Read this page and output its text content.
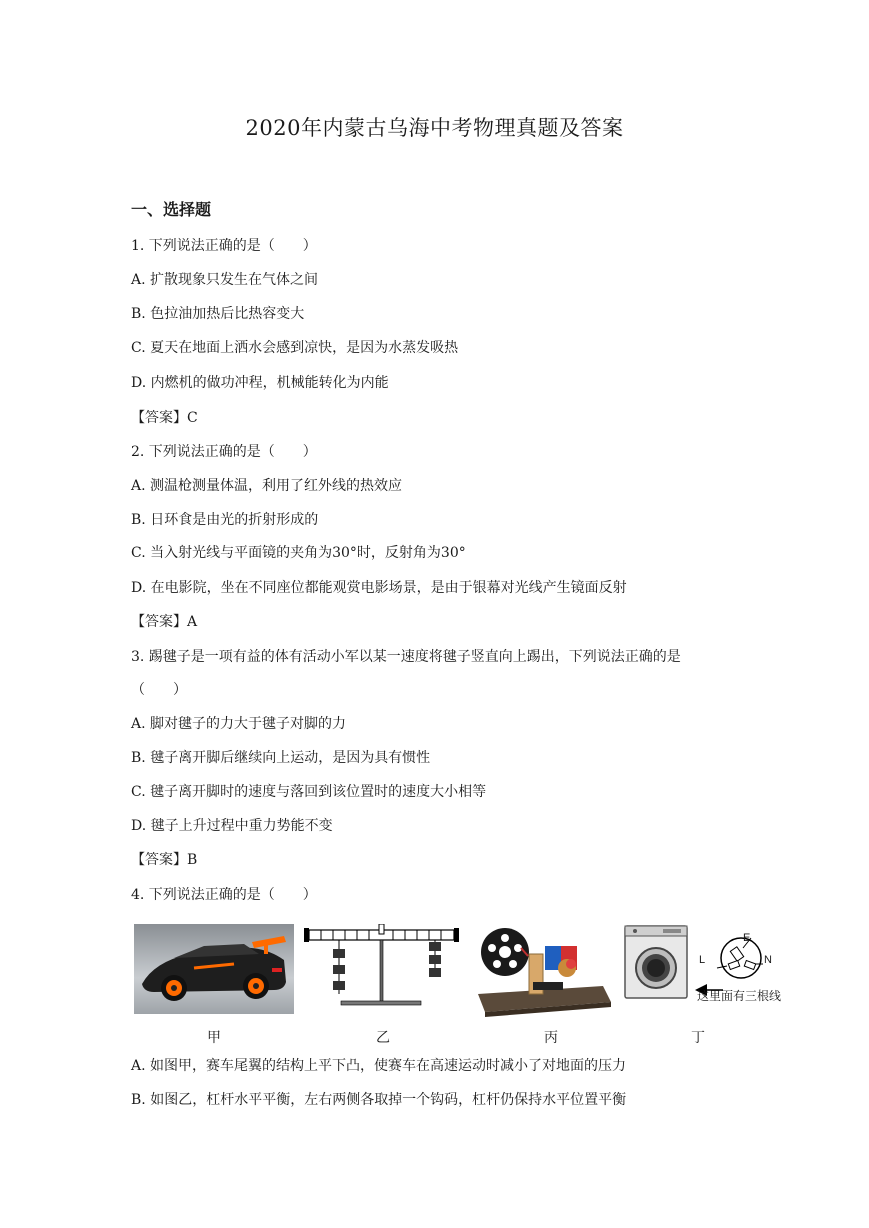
2020年内蒙古乌海中考物理真题及答案
一、选择题
1. 下列说法正确的是（　　）
A. 扩散现象只发生在气体之间
B. 色拉油加热后比热容变大
C. 夏天在地面上洒水会感到凉快，是因为水蒸发吸热
D. 内燃机的做功冲程，机械能转化为内能
【答案】C
2. 下列说法正确的是（　　）
A. 测温枪测量体温，利用了红外线的热效应
B. 日环食是由光的折射形成的
C. 当入射光线与平面镜的夹角为30°时，反射角为30°
D. 在电影院，坐在不同座位都能观赏电影场景，是由于银幕对光线产生镜面反射
【答案】A
3. 踢毽子是一项有益的体有活动小军以某一速度将毽子竖直向上踢出，下列说法正确的是
（　　）
A. 脚对毽子的力大于毽子对脚的力
B. 毽子离开脚后继续向上运动，是因为具有惯性
C. 毽子离开脚时的速度与落回到该位置时的速度大小相等
D. 毽子上升过程中重力势能不变
【答案】B
4. 下列说法正确的是（　　）
甲	乙	丙
E
L	N
这里面有三根线
丁
A. 如图甲，赛车尾翼的结构上平下凸，使赛车在高速运动时减小了对地面的压力
B. 如图乙，杠杆水平平衡，左右两侧各取掉一个钩码，杠杆仍保持水平位置平衡
